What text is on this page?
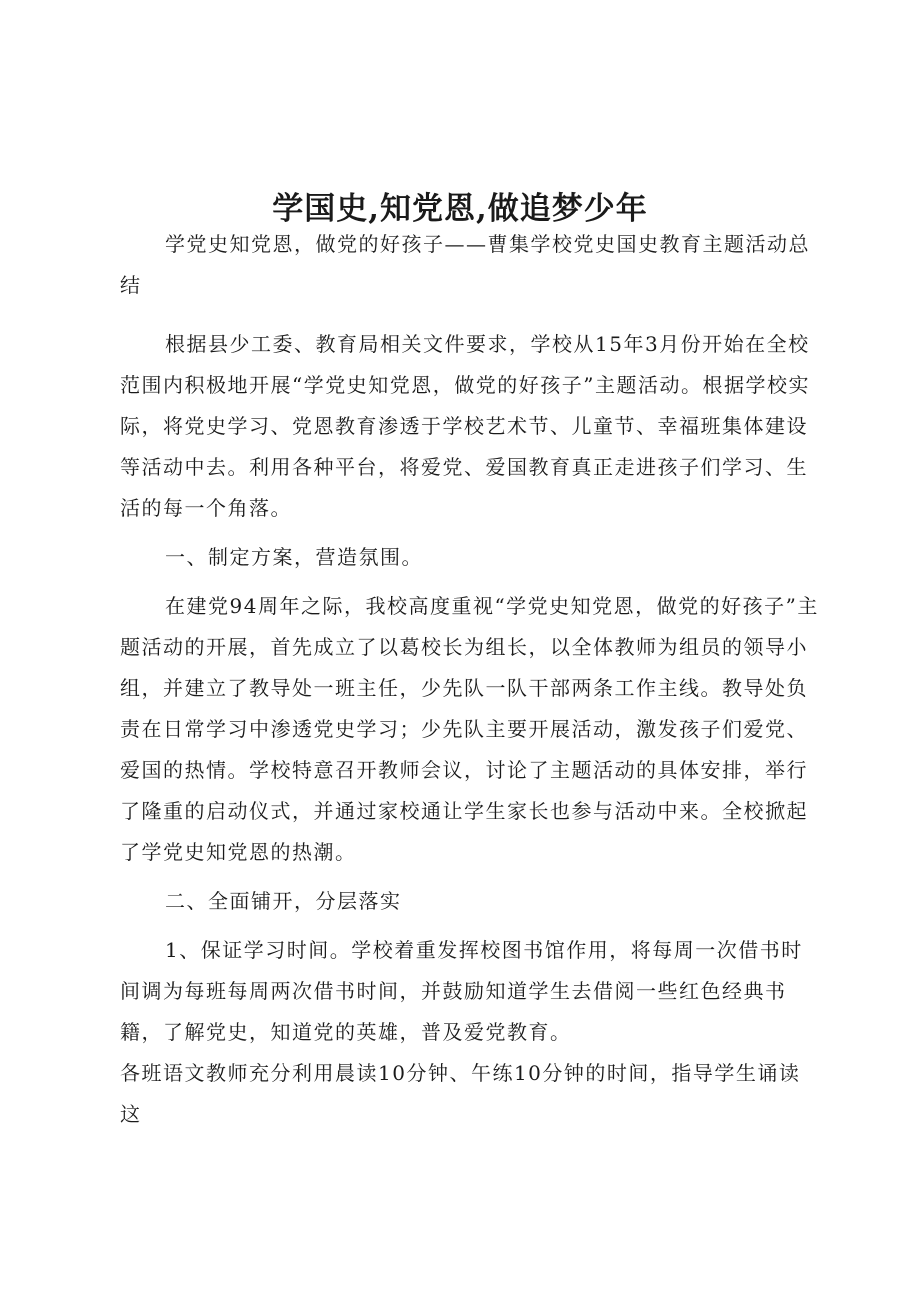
学国史,知党恩,做追梦少年

学党史知党恩，做党的好孩子——曹集学校党史国史教育主题活动总结

根据县少工委、教育局相关文件要求，学校从15年3月份开始在全校范围内积极地开展“学党史知党恩，做党的好孩子”主题活动。根据学校实际，将党史学习、党恩教育渗透于学校艺术节、儿童节、幸福班集体建设等活动中去。利用各种平台，将爱党、爱国教育真正走进孩子们学习、生活的每一个角落。

一、制定方案，营造氛围。

在建党94周年之际，我校高度重视“学党史知党恩，做党的好孩子”主题活动的开展，首先成立了以葛校长为组长，以全体教师为组员的领导小组，并建立了教导处一班主任，少先队一队干部两条工作主线。教导处负责在日常学习中渗透党史学习；少先队主要开展活动，激发孩子们爱党、爱国的热情。学校特意召开教师会议，讨论了主题活动的具体安排，举行了隆重的启动仪式，并通过家校通让学生家长也参与活动中来。全校掀起了学党史知党恩的热潮。

二、全面铺开，分层落实

1、保证学习时间。学校着重发挥校图书馆作用，将每周一次借书时间调为每班每周两次借书时间，并鼓励知道学生去借阅一些红色经典书籍，了解党史，知道党的英雄，普及爱党教育。

各班语文教师充分利用晨读10分钟、午练10分钟的时间，指导学生诵读这
